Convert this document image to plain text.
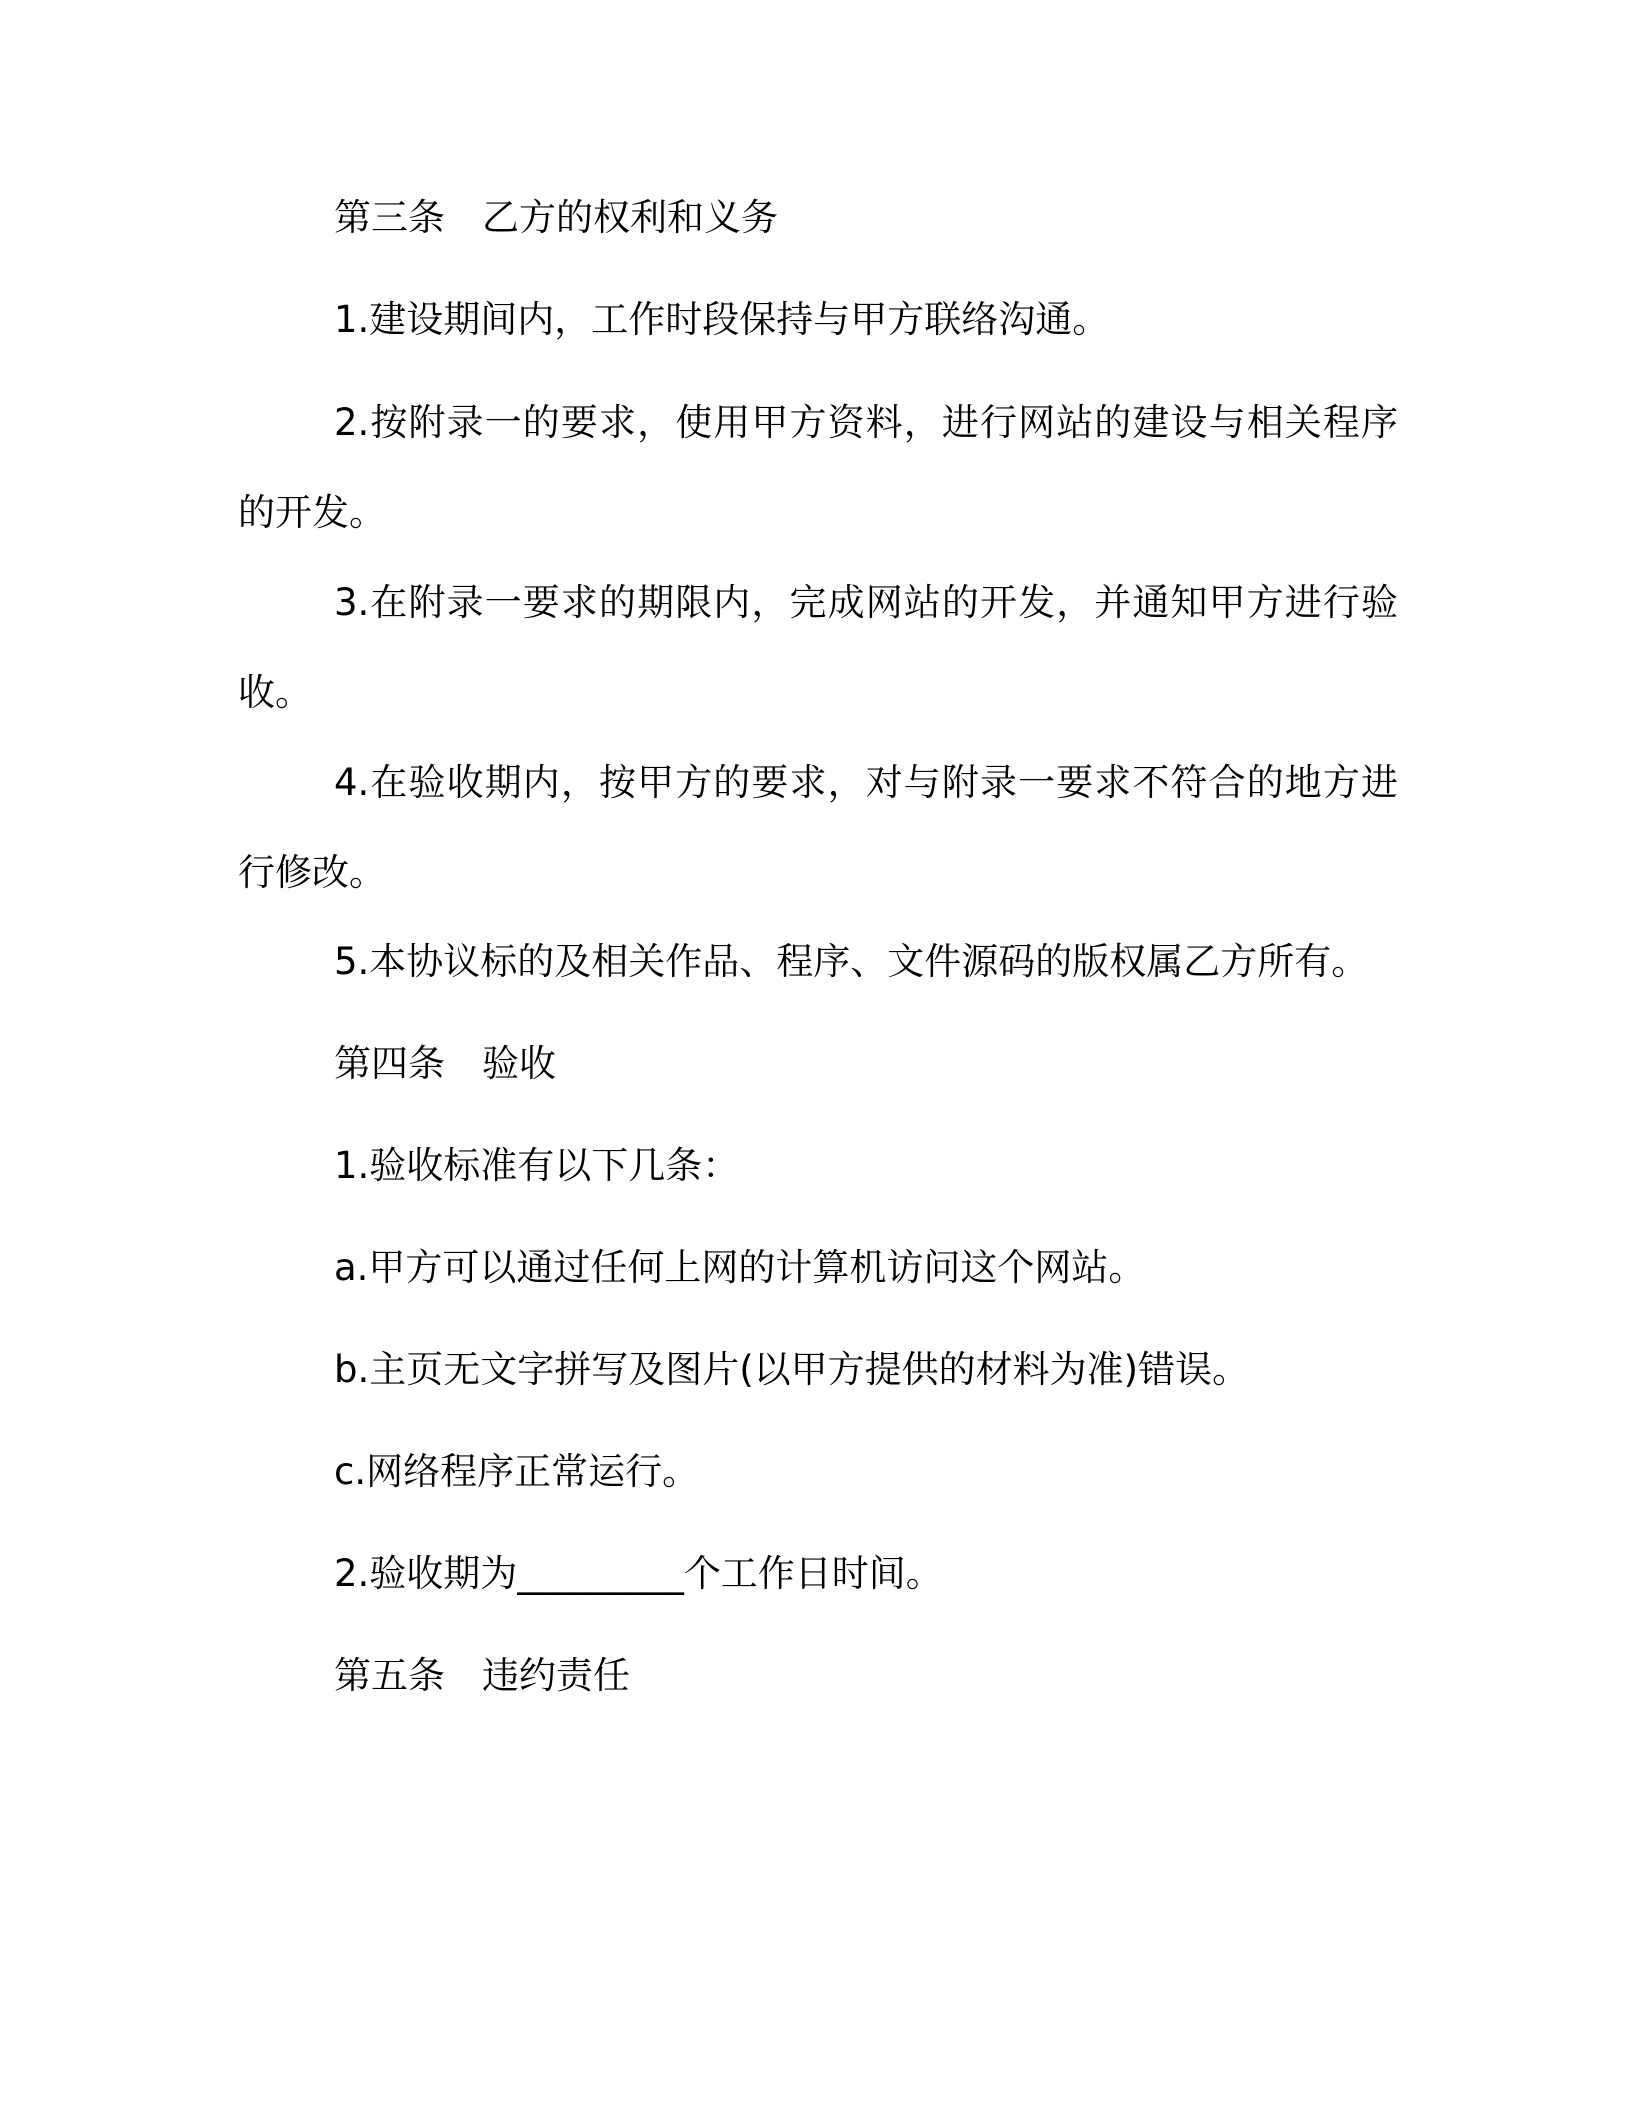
第三条　乙方的权利和义务
1.建设期间内，工作时段保持与甲方联络沟通。
2.按附录一的要求，使用甲方资料，进行网站的建设与相关程序的开发。
3.在附录一要求的期限内，完成网站的开发，并通知甲方进行验收。
4.在验收期内，按甲方的要求，对与附录一要求不符合的地方进行修改。
5.本协议标的及相关作品、程序、文件源码的版权属乙方所有。
第四条　验收
1.验收标准有以下几条：
a.甲方可以通过任何上网的计算机访问这个网站。
b.主页无文字拼写及图片(以甲方提供的材料为准)错误。
c.网络程序正常运行。
2.验收期为_________个工作日时间。
第五条　违约责任
